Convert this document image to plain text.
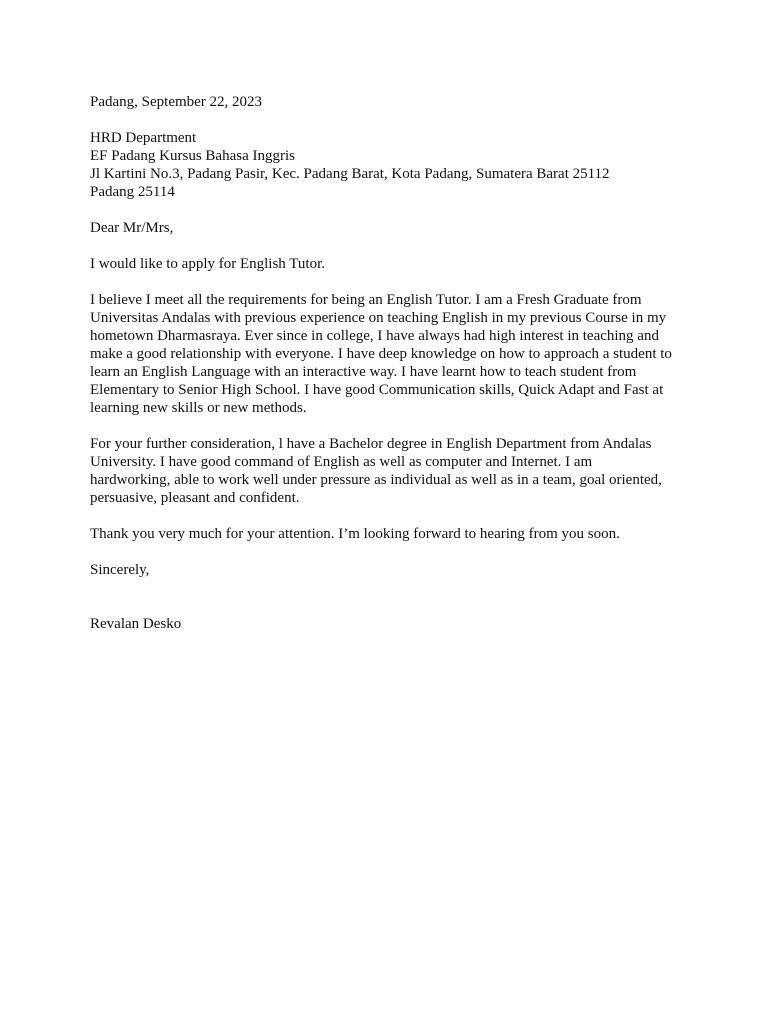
Padang, September 22, 2023

HRD Department
EF Padang Kursus Bahasa Inggris
Jl Kartini No.3, Padang Pasir, Kec. Padang Barat, Kota Padang, Sumatera Barat 25112
Padang 25114

Dear Mr/Mrs,

I would like to apply for English Tutor.

I believe I meet all the requirements for being an English Tutor. I am a Fresh Graduate from
Universitas Andalas with previous experience on teaching English in my previous Course in my
hometown Dharmasraya. Ever since in college, I have always had high interest in teaching and
make a good relationship with everyone. I have deep knowledge on how to approach a student to
learn an English Language with an interactive way. I have learnt how to teach student from
Elementary to Senior High School. I have good Communication skills, Quick Adapt and Fast at
learning new skills or new methods.
For your further consideration, l have a Bachelor degree in English Department from Andalas
University. I have good command of English as well as computer and Internet. I am
hardworking, able to work well under pressure as individual as well as in a team, goal oriented,
persuasive, pleasant and confident.

Thank you very much for your attention. I’m looking forward to hearing from you soon.

Sincerely,

Revalan Desko
